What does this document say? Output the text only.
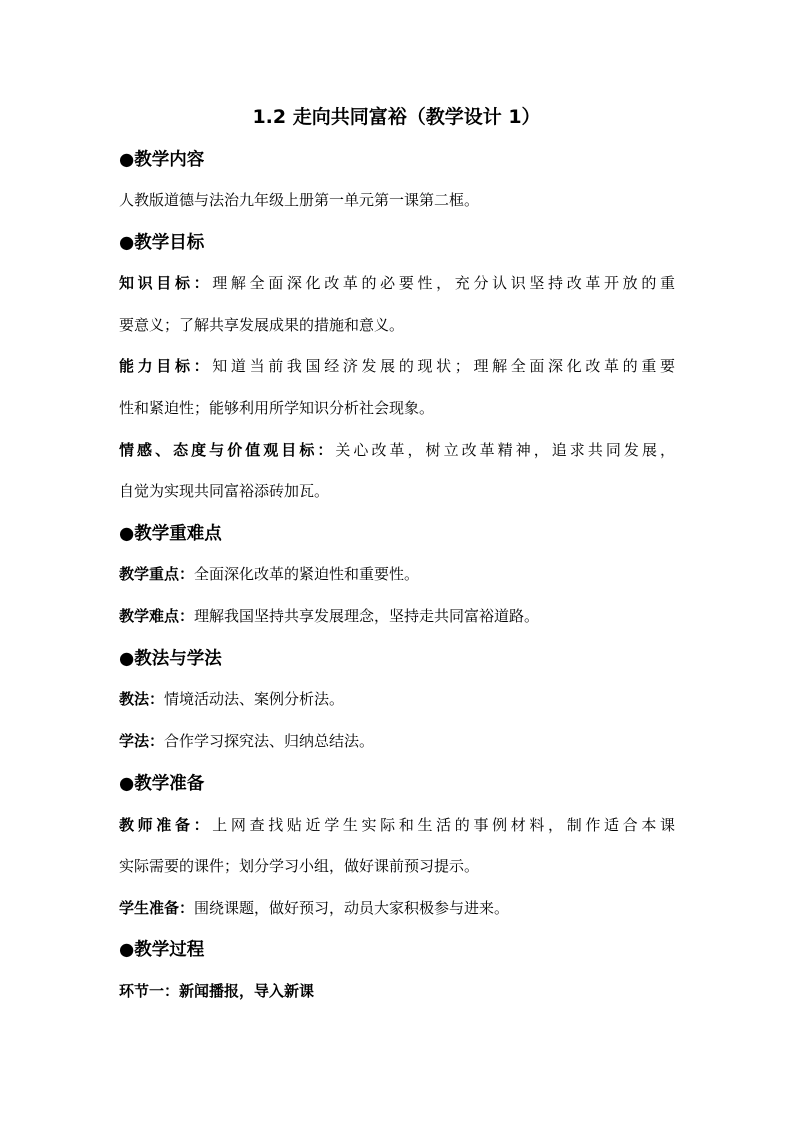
1.2 走向共同富裕（教学设计 1）
●教学内容
人教版道德与法治九年级上册第一单元第一课第二框。
●教学目标
知识目标：理解全面深化改革的必要性，充分认识坚持改革开放的重
要意义；了解共享发展成果的措施和意义。
能力目标：知道当前我国经济发展的现状；理解全面深化改革的重要
性和紧迫性；能够利用所学知识分析社会现象。
情感、态度与价值观目标：关心改革，树立改革精神，追求共同发展，
自觉为实现共同富裕添砖加瓦。
●教学重难点
教学重点：全面深化改革的紧迫性和重要性。
教学难点：理解我国坚持共享发展理念，坚持走共同富裕道路。
●教法与学法
教法：情境活动法、案例分析法。
学法：合作学习探究法、归纳总结法。
●教学准备
教师准备：上网查找贴近学生实际和生活的事例材料，制作适合本课
实际需要的课件；划分学习小组，做好课前预习提示。
学生准备：围绕课题，做好预习，动员大家积极参与进来。
●教学过程
环节一：新闻播报，导入新课
